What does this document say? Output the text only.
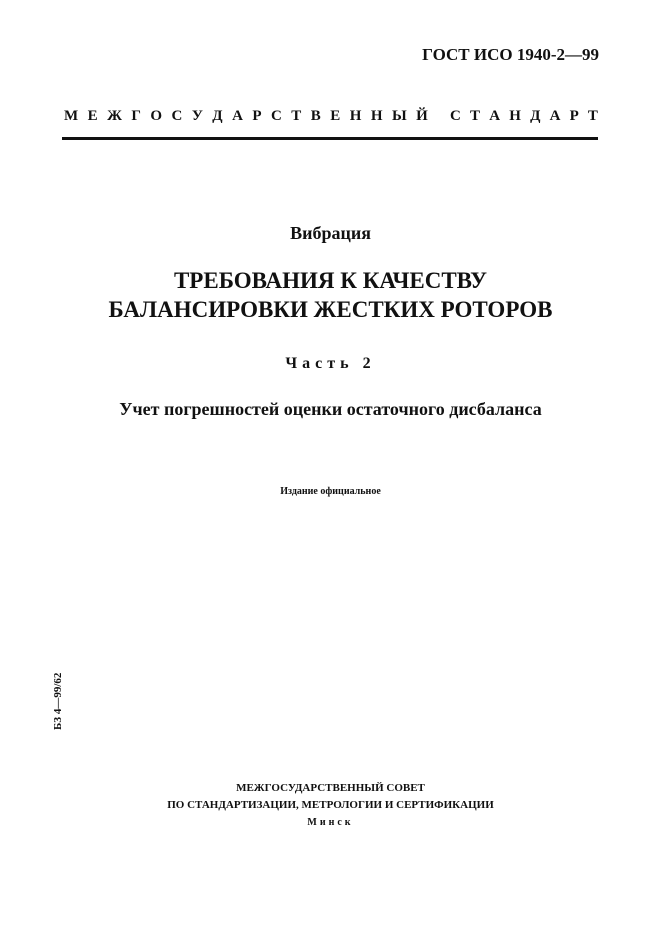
ГОСТ ИСО 1940-2—99
М Е Ж Г О С У Д А Р С Т В Е Н Н Ы Й С Т А Н Д А Р Т
Вибрация
ТРЕБОВАНИЯ К КАЧЕСТВУ
БАЛАНСИРОВКИ ЖЕСТКИХ РОТОРОВ
Часть 2
Учет погрешностей оценки остаточного дисбаланса
Издание официальное
БЗ 4—99/62
МЕЖГОСУДАРСТВЕННЫЙ СОВЕТ
ПО СТАНДАРТИЗАЦИИ, МЕТРОЛОГИИ И СЕРТИФИКАЦИИ
Минск
